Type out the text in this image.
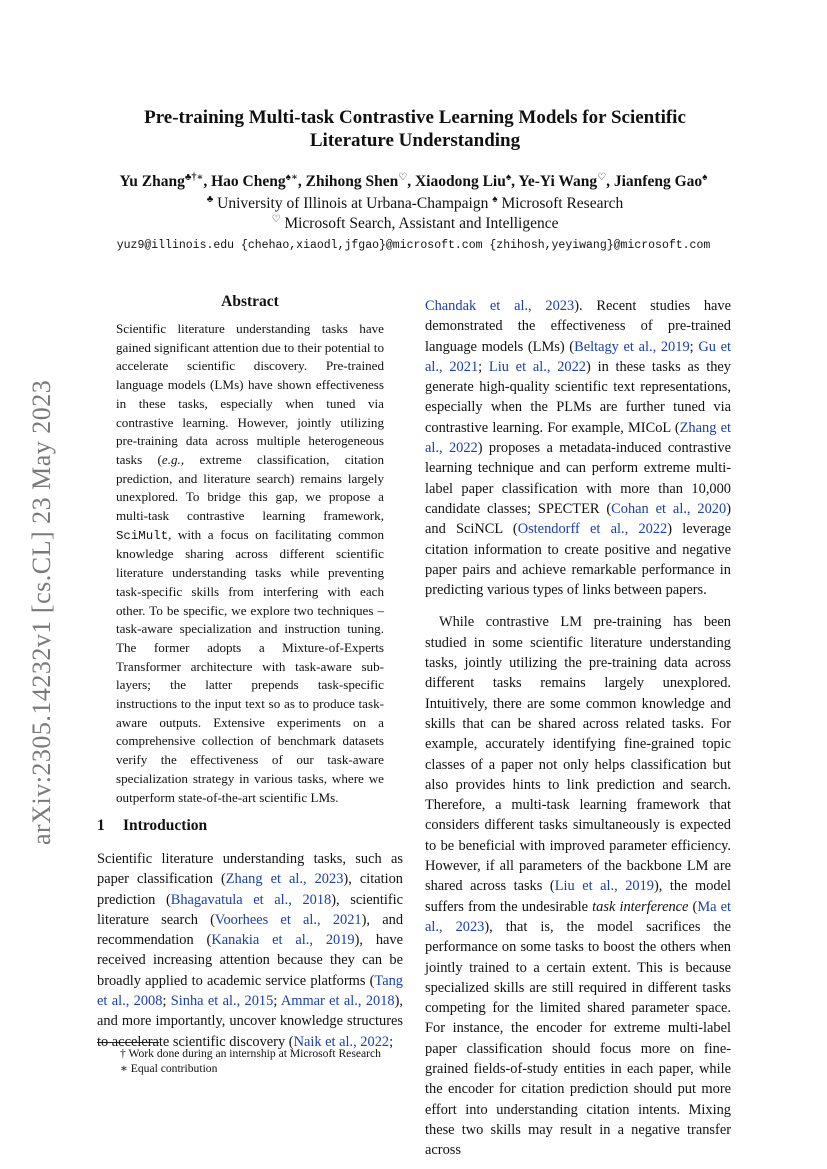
arXiv:2305.14232v1 [cs.CL] 23 May 2023
Pre-training Multi-task Contrastive Learning Models for Scientific
Literature Understanding
Yu Zhang♣†∗, Hao Cheng♠∗, Zhihong Shen♡, Xiaodong Liu♠, Ye-Yi Wang♡, Jianfeng Gao♠
♣ University of Illinois at Urbana-Champaign ♠ Microsoft Research
♡ Microsoft Search, Assistant and Intelligence
yuz9@illinois.edu {chehao,xiaodl,jfgao}@microsoft.com {zhihosh,yeyiwang}@microsoft.com
Abstract

Scientific literature understanding tasks have gained significant attention due to their potential to accelerate scientific discovery. Pre-trained language models (LMs) have shown effectiveness in these tasks, especially when tuned via contrastive learning. However, jointly utilizing pre-training data across multiple heterogeneous tasks (e.g., extreme classification, citation prediction, and literature search) remains largely unexplored. To bridge this gap, we propose a multi-task contrastive learning framework, SciMult, with a focus on facilitating common knowledge sharing across different scientific literature understanding tasks while preventing task-specific skills from interfering with each other. To be specific, we explore two techniques – task-aware specialization and instruction tuning. The former adopts a Mixture-of-Experts Transformer architecture with task-aware sub-layers; the latter prepends task-specific instructions to the input text so as to produce task-aware outputs. Extensive experiments on a comprehensive collection of benchmark datasets verify the effectiveness of our task-aware specialization strategy in various tasks, where we outperform state-of-the-art scientific LMs.

1 Introduction

Scientific literature understanding tasks, such as paper classification (Zhang et al., 2023), citation prediction (Bhagavatula et al., 2018), scientific literature search (Voorhees et al., 2021), and recommendation (Kanakia et al., 2019), have received increasing attention because they can be broadly applied to academic service platforms (Tang et al., 2008; Sinha et al., 2015; Ammar et al., 2018), and more importantly, uncover knowledge structures to accelerate scientific discovery (Naik et al., 2022;

† Work done during an internship at Microsoft Research
∗ Equal contribution

Chandak et al., 2023). Recent studies have demonstrated the effectiveness of pre-trained language models (LMs) (Beltagy et al., 2019; Gu et al., 2021; Liu et al., 2022) in these tasks as they generate high-quality scientific text representations, especially when the PLMs are further tuned via contrastive learning. For example, MICoL (Zhang et al., 2022) proposes a metadata-induced contrastive learning technique and can perform extreme multi-label paper classification with more than 10,000 candidate classes; SPECTER (Cohan et al., 2020) and SciNCL (Ostendorff et al., 2022) leverage citation information to create positive and negative paper pairs and achieve remarkable performance in predicting various types of links between papers.

While contrastive LM pre-training has been studied in some scientific literature understanding tasks, jointly utilizing the pre-training data across different tasks remains largely unexplored. Intuitively, there are some common knowledge and skills that can be shared across related tasks. For example, accurately identifying fine-grained topic classes of a paper not only helps classification but also provides hints to link prediction and search. Therefore, a multi-task learning framework that considers different tasks simultaneously is expected to be beneficial with improved parameter efficiency. However, if all parameters of the backbone LM are shared across tasks (Liu et al., 2019), the model suffers from the undesirable task interference (Ma et al., 2023), that is, the model sacrifices the performance on some tasks to boost the others when jointly trained to a certain extent. This is because specialized skills are still required in different tasks competing for the limited shared parameter space. For instance, the encoder for extreme multi-label paper classification should focus more on fine-grained fields-of-study entities in each paper, while the encoder for citation prediction should put more effort into understanding citation intents. Mixing these two skills may result in a negative transfer across
